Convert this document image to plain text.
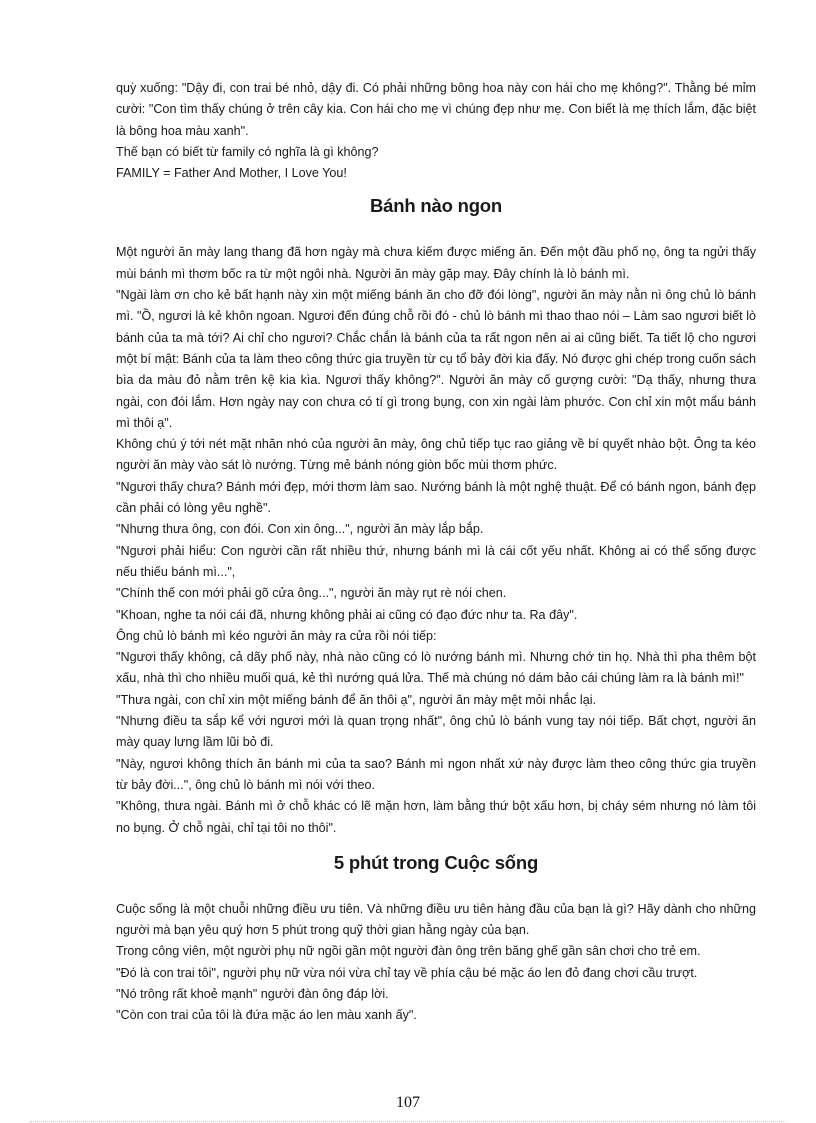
quỳ xuống: "Dậy đi, con trai bé nhỏ, dậy đi. Có phải những bông hoa này con hái cho mẹ không?". Thằng bé mỉm cười: "Con tìm thấy chúng ở trên cây kia. Con hái cho mẹ vì chúng đẹp như mẹ. Con biết là mẹ thích lắm, đặc biệt là bông hoa màu xanh".

Thế bạn có biết từ family có nghĩa là gì không?

FAMILY = Father And Mother, I Love You!

Bánh nào ngon

Một người ăn mày lang thang đã hơn ngày mà chưa kiếm được miếng ăn. Đến một đầu phố nọ, ông ta ngửi thấy mùi bánh mì thơm bốc ra từ một ngôi nhà. Người ăn mày gặp may. Đây chính là lò bánh mì.

"Ngài làm ơn cho kẻ bất hạnh này xin một miếng bánh ăn cho đỡ đói lòng", người ăn mày nằn nì ông chủ lò bánh mì. "Ồ, ngươi là kẻ khôn ngoan. Ngươi đến đúng chỗ rồi đó - chủ lò bánh mì thao thao nói – Làm sao ngươi biết lò bánh của ta mà tới? Ai chỉ cho ngươi? Chắc chắn là bánh của ta rất ngon nên ai ai cũng biết. Ta tiết lộ cho ngươi một bí mật: Bánh của ta làm theo công thức gia truyền từ cụ tổ bảy đời kia đấy. Nó được ghi chép trong cuốn sách bìa da màu đỏ nằm trên kệ kia kìa. Ngươi thấy không?". Người ăn mày cố gượng cười: "Dạ thấy, nhưng thưa ngài, con đói lắm. Hơn ngày nay con chưa có tí gì trong bụng, con xin ngài làm phước. Con chỉ xin một mẩu bánh mì thôi ạ".

Không chú ý tới nét mặt nhăn nhó của người ăn mày, ông chủ tiếp tục rao giảng về bí quyết nhào bột. Ông ta kéo người ăn mày vào sát lò nướng. Từng mẻ bánh nóng giòn bốc mùi thơm phức.

"Ngươi thấy chưa? Bánh mới đẹp, mới thơm làm sao. Nướng bánh là một nghệ thuật. Để có bánh ngon, bánh đẹp cần phải có lòng yêu nghề".

"Nhưng thưa ông, con đói. Con xin ông...", người ăn mày lắp bắp.

"Ngươi phải hiểu: Con người cần rất nhiều thứ, nhưng bánh mì là cái cốt yếu nhất. Không ai có thể sống được nếu thiếu bánh mì...",

"Chính thế con mới phải gõ cửa ông...", người ăn mày rụt rè nói chen.

"Khoan, nghe ta nói cái đã, nhưng không phải ai cũng có đạo đức như ta. Ra đây".

Ông chủ lò bánh mì kéo người ăn mày ra cửa rồi nói tiếp:

"Ngươi thấy không, cả dãy phố này, nhà nào cũng có lò nướng bánh mì. Nhưng chớ tin họ. Nhà thì pha thêm bột xấu, nhà thì cho nhiều muối quá, kẻ thì nướng quá lửa. Thế mà chúng nó dám bảo cái chúng làm ra là bánh mì!"

"Thưa ngài, con chỉ xin một miếng bánh để ăn thôi ạ", người ăn mày mệt mỏi nhắc lại.

"Nhưng điều ta sắp kể với ngươi mới là quan trọng nhất", ông chủ lò bánh vung tay nói tiếp. Bất chợt, người ăn mày quay lưng lầm lũi bỏ đi.

"Này, ngươi không thích ăn bánh mì của ta sao? Bánh mì ngon nhất xứ này được làm theo công thức gia truyền từ bảy đời...", ông chủ lò bánh mì nói với theo.

"Không, thưa ngài. Bánh mì ở chỗ khác có lẽ mặn hơn, làm bằng thứ bột xấu hơn, bị cháy sém nhưng nó làm tôi no bụng. Ở chỗ ngài, chỉ tại tôi no thôi".

5 phút trong Cuộc sống

Cuộc sống là một chuỗi những điều ưu tiên. Và những điều ưu tiên hàng đầu của bạn là gì? Hãy dành cho những người mà bạn yêu quý hơn 5 phút trong quỹ thời gian hằng ngày của bạn.

Trong công viên, một người phụ nữ ngồi gần một người đàn ông trên băng ghế gần sân chơi cho trẻ em.

"Đó là con trai tôi", người phụ nữ vừa nói vừa chỉ tay về phía cậu bé mặc áo len đỏ đang chơi cầu trượt.

"Nó trông rất khoẻ mạnh" người đàn ông đáp lời.

"Còn con trai của tôi là đứa mặc áo len màu xanh ấy".

107
